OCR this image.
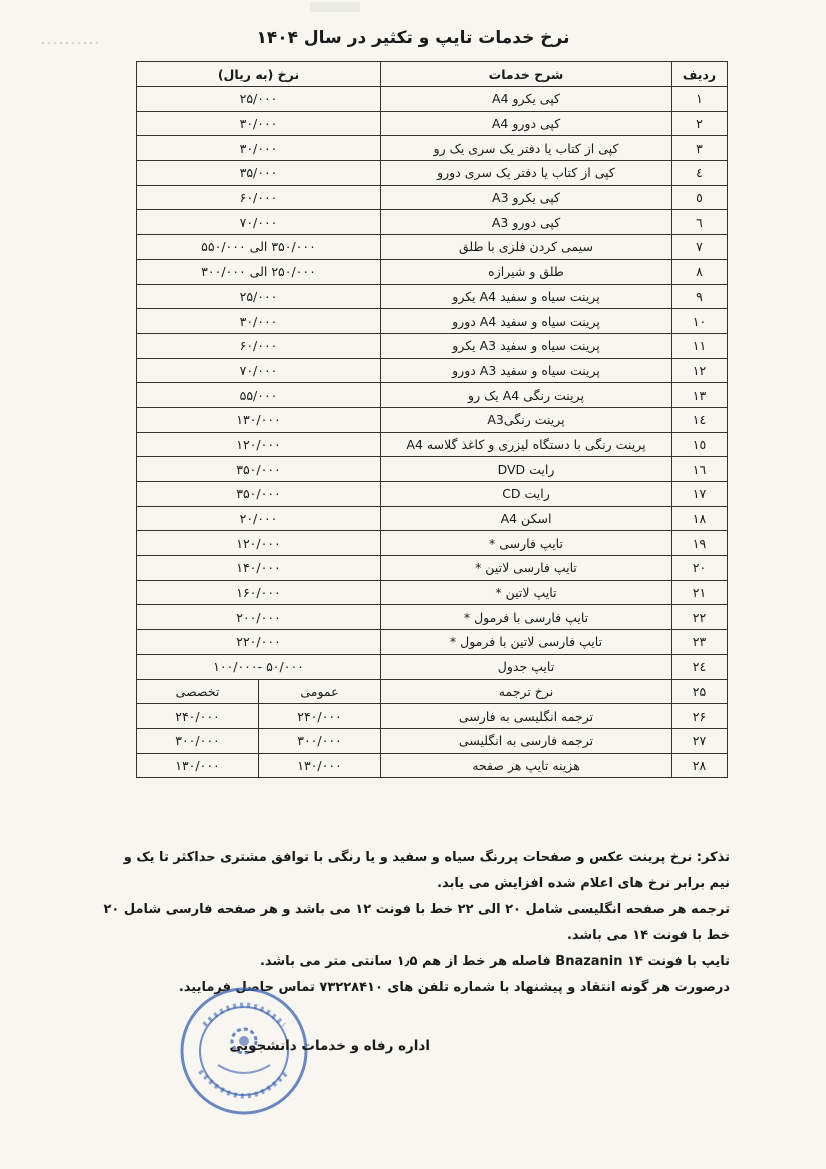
نرخ خدمات تایپ و تکثیر در سال ۱۴۰۴
ردیف	شرح خدمات	نرخ (به ریال)	
۱	کپی یکرو A4	۲۵/۰۰۰	
۲	کپی دورو A4	۳۰/۰۰۰	
۳	کپی از کتاب یا دفتر یک سری یک رو	۳۰/۰۰۰	
٤	کپی از کتاب یا دفتر یک سری دورو	۳۵/۰۰۰	
٥	کپی یکرو A3	۶۰/۰۰۰	
٦	کپی دورو A3	۷۰/۰۰۰	
۷	سیمی کردن فلزی با طلق	۳۵۰/۰۰۰ الی ۵۵۰/۰۰۰	
۸	طلق و شیرازه	۲۵۰/۰۰۰ الی ۳۰۰/۰۰۰	
۹	پرینت سیاه و سفید A4 یکرو	۲۵/۰۰۰	
۱۰	پرینت سیاه و سفید A4 دورو	۳۰/۰۰۰	
۱۱	پرینت سیاه و سفید A3 یکرو	۶۰/۰۰۰	
۱۲	پرینت سیاه و سفید A3 دورو	۷۰/۰۰۰	
۱۳	پرینت رنگی A4 یک رو	۵۵/۰۰۰	
١٤	پرینت رنگیA3	۱۳۰/۰۰۰	
١٥	پرینت رنگی با دستگاه لیزری و کاغذ گلاسه A4	۱۲۰/۰۰۰	
١٦	رایت DVD	۳۵۰/۰۰۰	
۱۷	رایت CD	۳۵۰/۰۰۰	
۱۸	اسکن A4	۲۰/۰۰۰	
۱۹	تایپ فارسی *	۱۲۰/۰۰۰	
۲۰	تایپ فارسی لاتین *	۱۴۰/۰۰۰	
۲۱	تایپ لاتین *	۱۶۰/۰۰۰	
۲۲	تایپ فارسی با فرمول *	۲۰۰/۰۰۰	
۲۳	تایپ فارسی لاتین با فرمول *	۲۲۰/۰۰۰	
٢٤	تایپ جدول	۵۰/۰۰۰ -۱۰۰/۰۰۰	
۲۵	نرخ ترجمه	عمومی	تخصصی
۲۶	ترجمه انگلیسی به فارسی	۲۴۰/۰۰۰	۲۴۰/۰۰۰
۲۷	ترجمه فارسی به انگلیسی	۳۰۰/۰۰۰	۳۰۰/۰۰۰
۲۸	هزینه تایپ هر صفحه	۱۳۰/۰۰۰	۱۳۰/۰۰۰

تذکر: نرخ پرینت عکس و صفحات پررنگ سیاه و سفید و یا رنگی با توافق مشتری حداکثر تا یک و نیم برابر نرخ های اعلام شده افزایش می یابد.

ترجمه هر صفحه انگلیسی شامل ۲۰ الی ۲۲ خط با فونت ۱۲ می باشد و هر صفحه فارسی شامل ۲۰ خط با فونت ۱۴ می باشد.

تایپ با فونت ۱۴ Bnazanin فاصله هر خط از هم ۱٫۵ سانتی متر می باشد.

درصورت هر گونه انتقاد و پیشنهاد با شماره تلفن های ۷۳۲۲۸۴۱۰ تماس حاصل فرمایید.

اداره رفاه و خدمات دانشجویی
